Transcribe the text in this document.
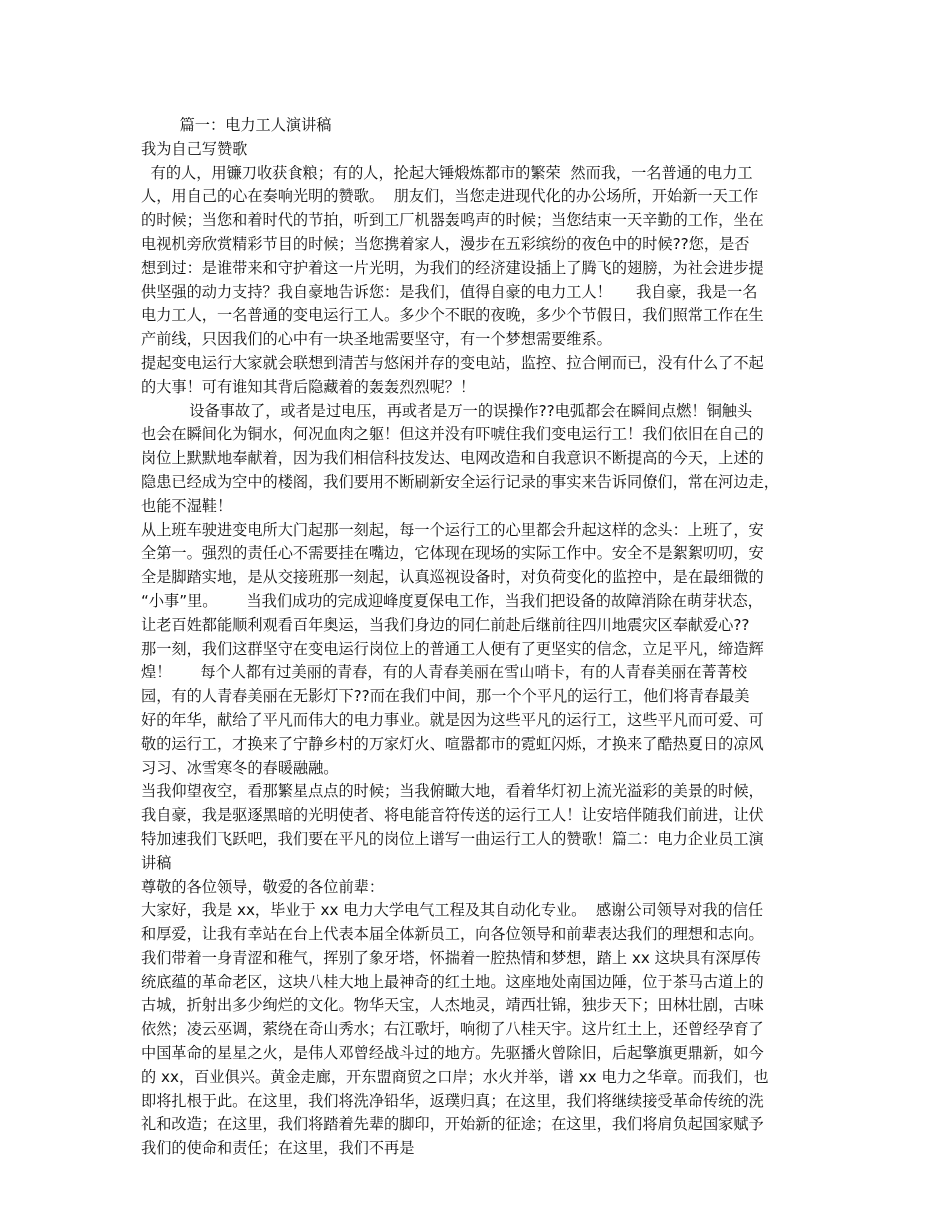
篇一：电力工人演讲稿
我为自己写赞歌
有的人，用镰刀收获食粮；有的人，抡起大锤煅炼都市的繁荣  然而我，一名普通的电力工
人，用自己的心在奏响光明的赞歌。  朋友们，当您走进现代化的办公场所，开始新一天工作
的时候；当您和着时代的节拍，听到工厂机器轰鸣声的时候；当您结束一天辛勤的工作，坐在
电视机旁欣赏精彩节目的时候；当您携着家人，漫步在五彩缤纷的夜色中的时候??您，是否
想到过：是谁带来和守护着这一片光明，为我们的经济建设插上了腾飞的翅膀，为社会进步提
供坚强的动力支持？我自豪地告诉您：是我们，值得自豪的电力工人！     我自豪，我是一名
电力工人，一名普通的变电运行工人。多少个不眠的夜晚，多少个节假日，我们照常工作在生
产前线，只因我们的心中有一块圣地需要坚守，有一个梦想需要维系。
提起变电运行大家就会联想到清苦与悠闲并存的变电站，监控、拉合闸而已，没有什么了不起
的大事！可有谁知其背后隐藏着的轰轰烈烈呢？！
设备事故了，或者是过电压，再或者是万一的误操作??电弧都会在瞬间点燃！铜触头
也会在瞬间化为铜水，何况血肉之躯！但这并没有吓唬住我们变电运行工！我们依旧在自己的
岗位上默默地奉献着，因为我们相信科技发达、电网改造和自我意识不断提高的今天，上述的
隐患已经成为空中的楼阁，我们要用不断刷新安全运行记录的事实来告诉同僚们，常在河边走，
也能不湿鞋！
从上班车驶进变电所大门起那一刻起，每一个运行工的心里都会升起这样的念头：上班了，安
全第一。强烈的责任心不需要挂在嘴边，它体现在现场的实际工作中。安全不是絮絮叨叨，安
全是脚踏实地，是从交接班那一刻起，认真巡视设备时，对负荷变化的监控中，是在最细微的
“小事”里。      当我们成功的完成迎峰度夏保电工作，当我们把设备的故障消除在萌芽状态，
让老百姓都能顺利观看百年奥运，当我们身边的同仁前赴后继前往四川地震灾区奉献爱心??
那一刻，我们这群坚守在变电运行岗位上的普通工人便有了更坚实的信念，立足平凡，缔造辉
煌！      每个人都有过美丽的青春，有的人青春美丽在雪山哨卡，有的人青春美丽在菁菁校
园，有的人青春美丽在无影灯下??而在我们中间，那一个个平凡的运行工，他们将青春最美
好的年华，献给了平凡而伟大的电力事业。就是因为这些平凡的运行工，这些平凡而可爱、可
敬的运行工，才换来了宁静乡村的万家灯火、喧嚣都市的霓虹闪烁，才换来了酷热夏日的凉风
习习、冰雪寒冬的春暖融融。
当我仰望夜空，看那繁星点点的时候；当我俯瞰大地，看着华灯初上流光溢彩的美景的时候，
我自豪，我是驱逐黑暗的光明使者、将电能音符传送的运行工人！让安培伴随我们前进，让伏
特加速我们飞跃吧，我们要在平凡的岗位上谱写一曲运行工人的赞歌！篇二：电力企业员工演
讲稿
尊敬的各位领导，敬爱的各位前辈：
大家好，我是 xx，毕业于 xx 电力大学电气工程及其自动化专业。  感谢公司领导对我的信任
和厚爱，让我有幸站在台上代表本届全体新员工，向各位领导和前辈表达我们的理想和志向。
我们带着一身青涩和稚气，挥别了象牙塔，怀揣着一腔热情和梦想，踏上 xx 这块具有深厚传
统底蕴的革命老区，这块八桂大地上最神奇的红土地。这座地处南国边陲，位于茶马古道上的
古城，折射出多少绚烂的文化。物华天宝，人杰地灵，靖西壮锦，独步天下；田林壮剧，古味
依然；凌云巫调，萦绕在奇山秀水；右江歌圩，响彻了八桂天宇。这片红土上，还曾经孕育了
中国革命的星星之火，是伟人邓曾经战斗过的地方。先驱播火曾除旧，后起擎旗更鼎新，如今
的 xx，百业俱兴。黄金走廊，开东盟商贸之口岸；水火并举，谱 xx 电力之华章。而我们，也
即将扎根于此。在这里，我们将洗净铅华，返璞归真；在这里，我们将继续接受革命传统的洗
礼和改造；在这里，我们将踏着先辈的脚印，开始新的征途；在这里，我们将肩负起国家赋予
我们的使命和责任；在这里，我们不再是
